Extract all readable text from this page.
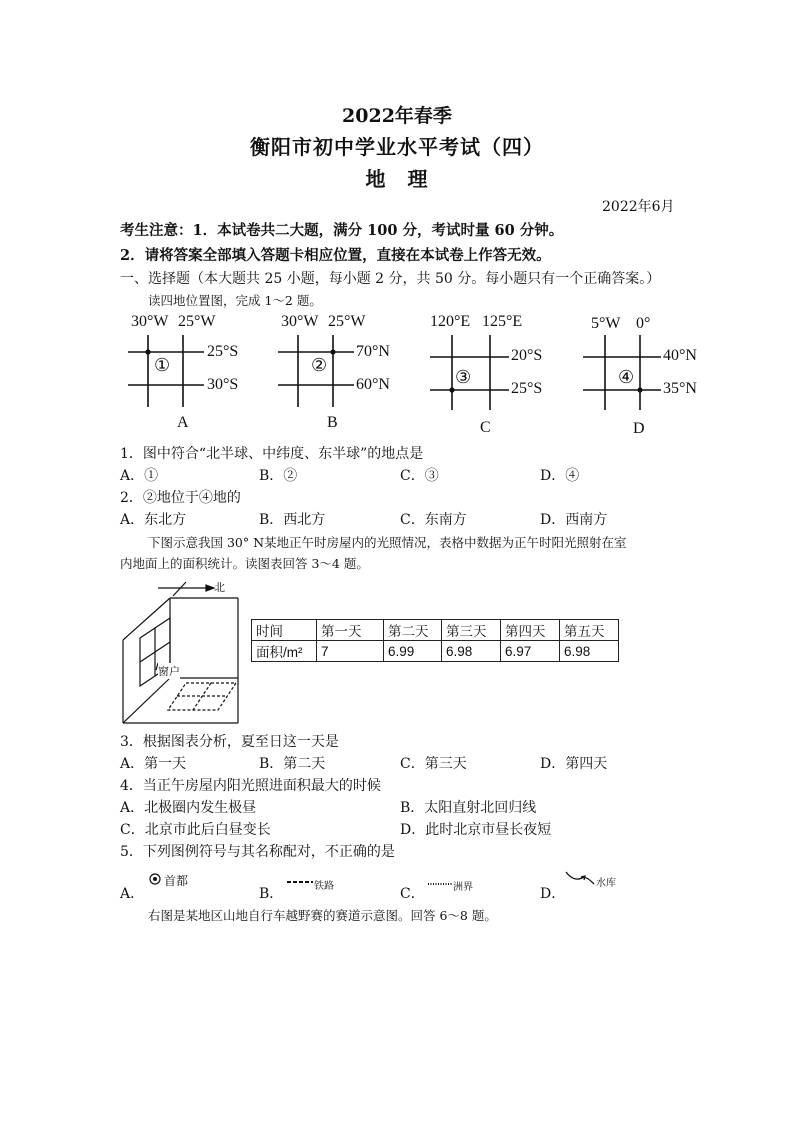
2022年春季
衡阳市初中学业水平考试（四）
地　理
2022年6月
考生注意：1．本试卷共二大题，满分 100 分，考试时量 60 分钟。
2．请将答案全部填入答题卡相应位置，直接在本试卷上作答无效。
一、选择题（本大题共 25 小题，每小题 2 分，共 50 分。每小题只有一个正确答案。）
读四地位置图，完成 1～2 题。
30°W 25°W
25°S
30°S
①
A
30°W 25°W
70°N
60°N
②
B
120°E 125°E
20°S
25°S
③
C
5°W 0°
40°N
35°N
④
D
1．图中符合“北半球、中纬度、东半球”的地点是
A．①	B．②	C．③	D．④
2．②地位于④地的
A．东北方	B．西北方	C．东南方	D．西南方
下图示意我国 30° N某地正午时房屋内的光照情况，表格中数据为正午时阳光照射在室
内地面上的面积统计。读图表回答 3～4 题。
北
窗户
时间	第一天	第二天	第三天	第四天	第五天
面积/m²	7	6.99	6.98	6.97	6.98
3．根据图表分析，夏至日这一天是
A．第一天	B．第二天	C．第三天	D．第四天
4．当正午房屋内阳光照进面积最大的时候
A．北极圈内发生极昼	B．太阳直射北回归线
C．北京市此后白昼变长	D．此时北京市昼长夜短
5．下列图例符号与其名称配对，不正确的是
A．	B．	C．	D．
首都	铁路	洲界	水库
右图是某地区山地自行车越野赛的赛道示意图。回答 6～8 题。
